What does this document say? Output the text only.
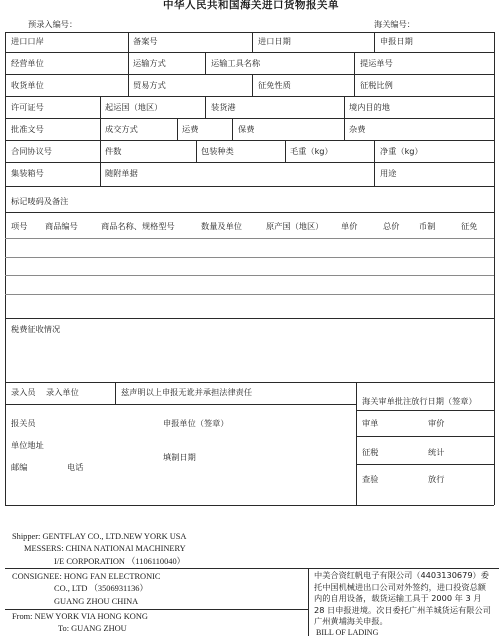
中华人民共和国海关进口货物报关单
预录入编号：	海关编号：
进口口岸	备案号	进口日期	申报日期
经营单位	运输方式	运输工具名称	提运单号
收货单位	贸易方式	征免性质	征税比例
许可证号	起运国（地区）	装货港	境内目的地
批准文号	成交方式	运费	保费	杂费
合同协议号	件数	包装种类	毛重（kg）	净重（kg）
集装箱号	随附单据	用途
标记唛码及备注
项号 商品编号	商品名称、规格型号	数量及单位	原产国（地区） 单价	总价 币制	征免
税费征收情况
录入员 录入单位	兹声明以上申报无讹并承担法律责任
海关审单批注放行日期（签章）
审单	审价
征税	统计
查验	放行
报关员	申报单位（签章）
单位地址
填制日期
邮编	电话
Shipper: GENTFLAY CO., LTD.NEW YORK USA
MESSERS: CHINA NATIONAl MACHINERY
I/E CORPORATION （1106110040）
CONSIGNEE: HONG FAN ELECTRONIC
CO., LTD （3506931136）
GUANG ZHOU CHINA
From: NEW YORK VIA HONG KONG
To: GUANG ZHOU
中美合资红帆电子有限公司（4403130679）委托中国机械进出口公司对外签约，进口投资总额内的自用设备，载货运输工具于 2000 年 3 月 28 日申报进境。次日委托广州羊城货运有限公司广州黄埔海关申报。
BILL OF LADING
